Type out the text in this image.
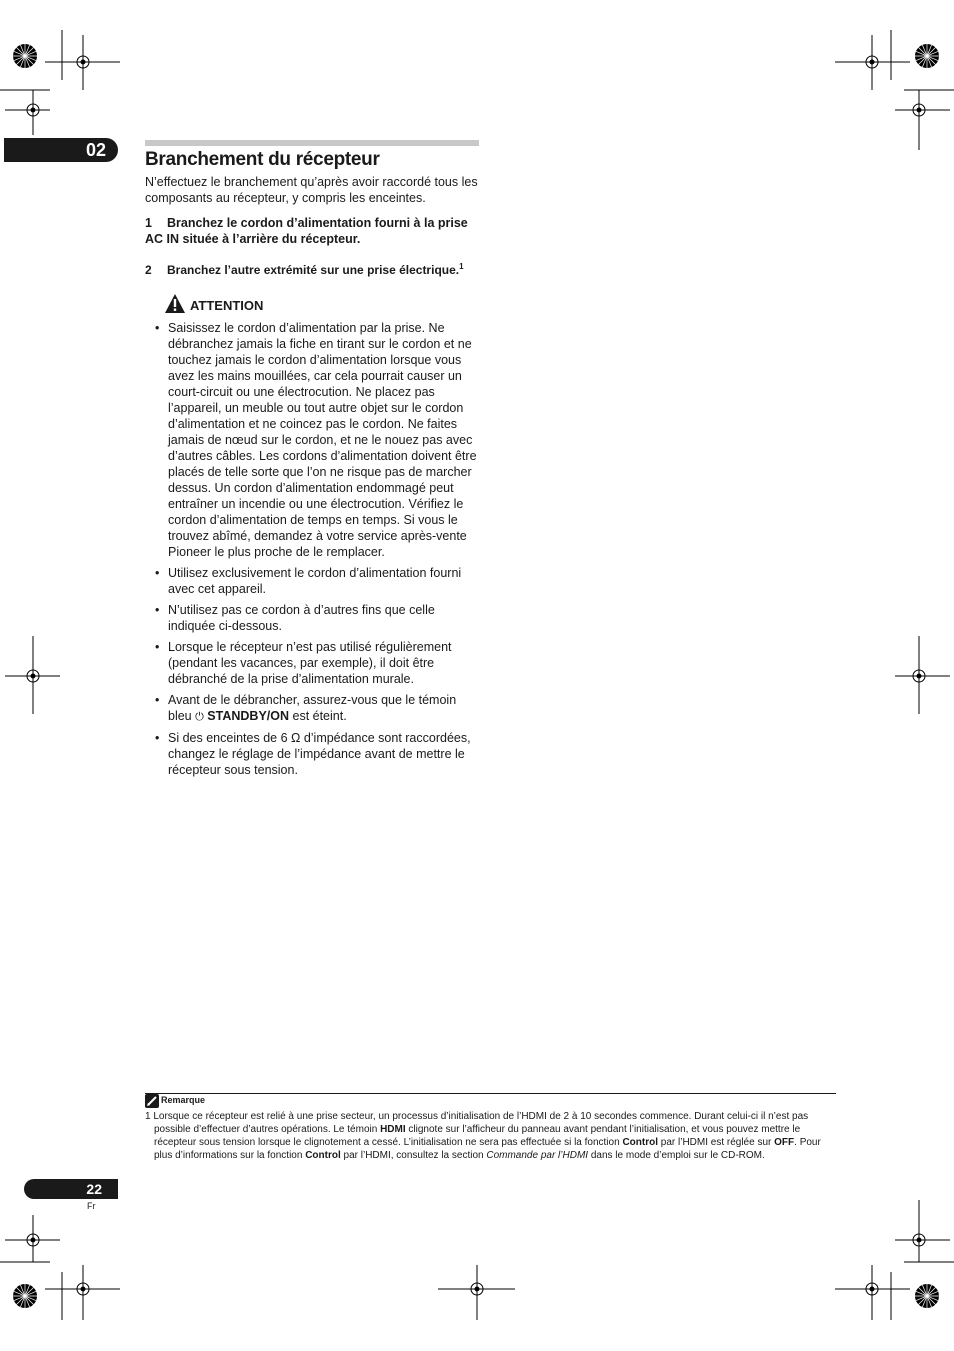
02	Branchement du récepteur
N’effectuez le branchement qu’après avoir raccordé tous les composants au récepteur, y compris les enceintes.
1 Branchez le cordon d’alimentation fourni à la prise AC IN située à l’arrière du récepteur.
2 Branchez l’autre extrémité sur une prise électrique.$^1$
ATTENTION
• Saisissez le cordon d’alimentation par la prise. Ne débranchez jamais la fiche en tirant sur le cordon et ne touchez jamais le cordon d’alimentation lorsque vous avez les mains mouillées, car cela pourrait causer un court-circuit ou une électrocution. Ne placez pas l’appareil, un meuble ou tout autre objet sur le cordon d’alimentation et ne coincez pas le cordon. Ne faites jamais de nœud sur le cordon, et ne le nouez pas avec d’autres câbles. Les cordons d’alimentation doivent être placés de telle sorte que l’on ne risque pas de marcher dessus. Un cordon d’alimentation endommagé peut entraîner un incendie ou une électrocution. Vérifiez le cordon d’alimentation de temps en temps. Si vous le trouvez abîmé, demandez à votre service après-vente Pioneer le plus proche de le remplacer.
• Utilisez exclusivement le cordon d’alimentation fourni avec cet appareil.
• N’utilisez pas ce cordon à d’autres fins que celle indiquée ci-dessous.
• Lorsque le récepteur n’est pas utilisé régulièrement (pendant les vacances, par exemple), il doit être débranché de la prise d’alimentation murale.
• Avant de le débrancher, assurez-vous que le témoin bleu ⏻ STANDBY/ON est éteint.
• Si des enceintes de 6 Ω d’impédance sont raccordées, changez le réglage de l’impédance avant de mettre le récepteur sous tension.
Remarque
1 Lorsque ce récepteur est relié à une prise secteur, un processus d’initialisation de l’HDMI de 2 à 10 secondes commence. Durant celui-ci il n’est pas possible d’effectuer d’autres opérations. Le témoin HDMI clignote sur l’afficheur du panneau avant pendant l’initialisation, et vous pouvez mettre le récepteur sous tension lorsque le clignotement a cessé. L’initialisation ne sera pas effectuée si la fonction Control par l’HDMI est réglée sur OFF. Pour plus d’informations sur la fonction Control par l’HDMI, consultez la section Commande par l’HDMI dans le mode d’emploi sur le CD-ROM.
22
Fr
